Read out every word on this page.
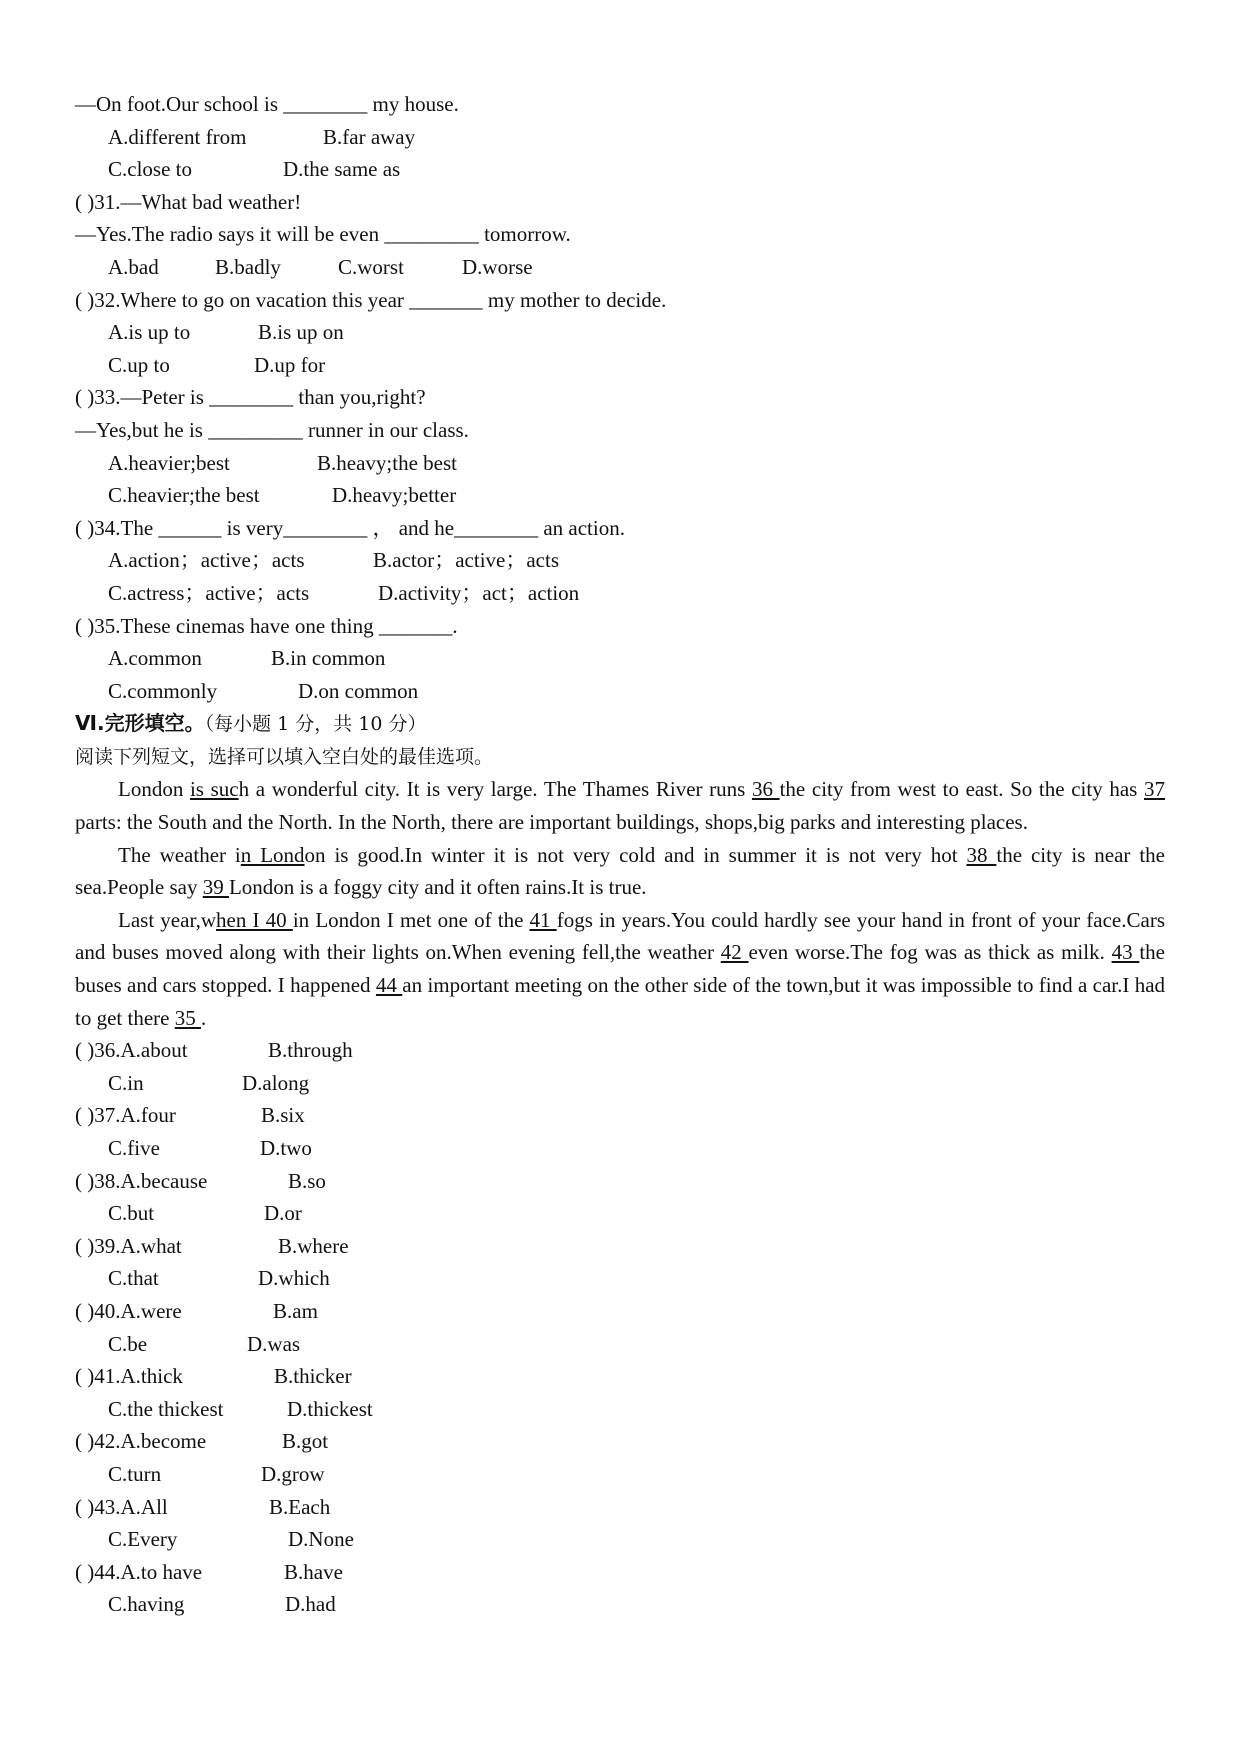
—On foot.Our school is ________ my house.
A.different from	B.far away
C.close to	D.the same as
( )31.—What bad weather!
—Yes.The radio says it will be even _________ tomorrow.
A.bad	B.badly	C.worst	D.worse
( )32.Where to go on vacation this year _______ my mother to decide.
A.is up to	B.is up on
C.up to	D.up for
( )33.—Peter is ________ than you,right?
—Yes,but he is _________ runner in our class.
A.heavier;best	B.heavy;the best
C.heavier;the best	D.heavy;better
( )34.The ______ is very________ ， and he________ an action.
A.action；active；acts	B.actor；active；acts
C.actress；active；acts	D.activity；act；action
( )35.These cinemas have one thing _______.
A.common	B.in common
C.commonly	D.on common
Ⅵ.完形填空。（每小题 1 分，共 10 分）
阅读下列短文，选择可以填入空白处的最佳选项。
London is such a wonderful city. It is very large. The Thames River runs 36 the city from west to east. So the city has 37 parts: the South and the North. In the North, there are important buildings, shops,big parks and interesting places.
The weather in London is good.In winter it is not very cold and in summer it is not very hot 38 the city is near the sea.People say 39 London is a foggy city and it often rains.It is true.
Last year,when I 40 in London I met one of the 41 fogs in years.You could hardly see your hand in front of your face.Cars and buses moved along with their lights on.When evening fell,the weather 42 even worse.The fog was as thick as milk. 43 the buses and cars stopped. I happened 44 an important meeting on the other side of the town,but it was impossible to find a car.I had to get there 35 .
( )36.A.about	B.through
C.in	D.along
( )37.A.four	B.six
C.five	D.two
( )38.A.because	B.so
C.but	D.or
( )39.A.what	B.where
C.that	D.which
( )40.A.were	B.am
C.be	D.was
( )41.A.thick	B.thicker
C.the thickest	D.thickest
( )42.A.become	B.got
C.turn	D.grow
( )43.A.All	B.Each
C.Every	D.None
( )44.A.to have	B.have
C.having	D.had
